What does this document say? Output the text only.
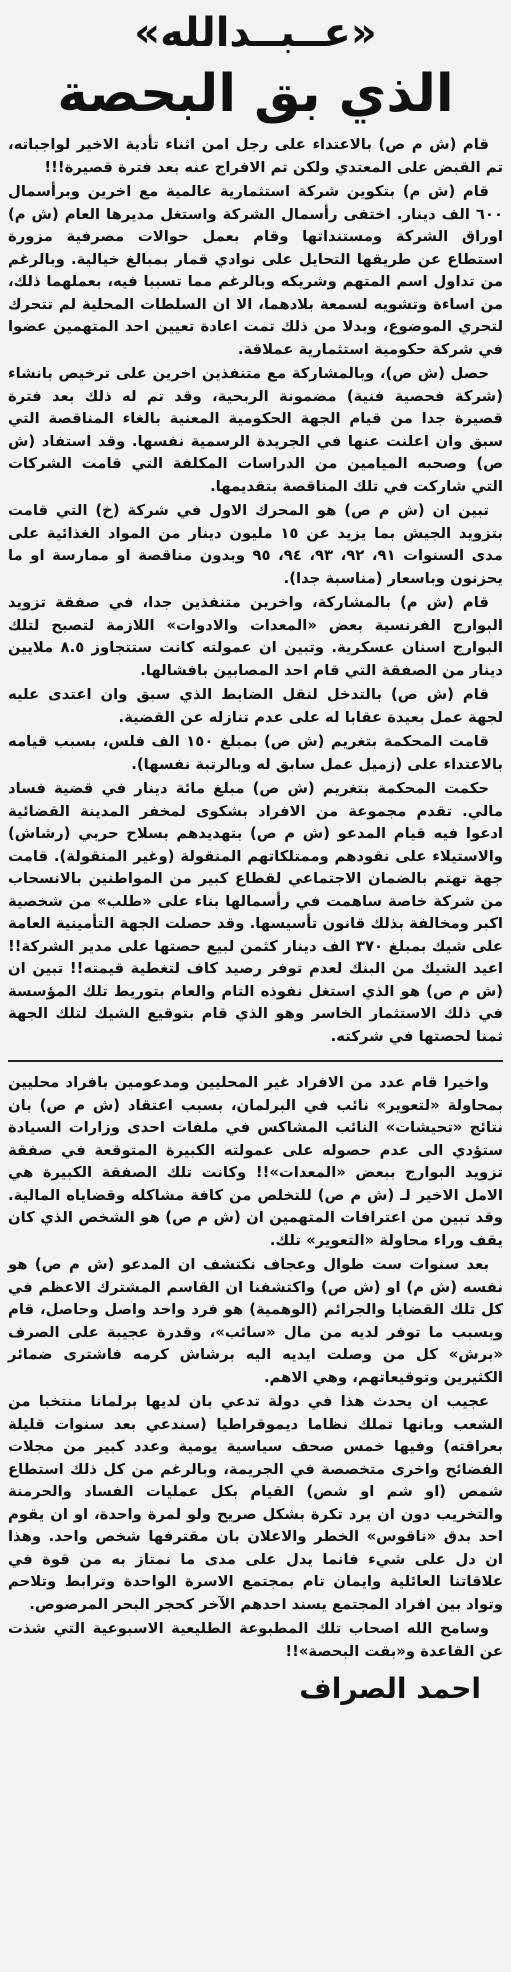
«عــبــدالله»
الذي بق البحصة

قام (ش م ص) بالاعتداء على رجل امن اثناء تأدية الاخير لواجباته، تم القبض على المعتدي ولكن تم الافراج عنه بعد فترة قصيرة!!!

قام (ش م) بتكوين شركة استثمارية عالمية مع اخرين وبرأسمال ٦٠٠ الف دينار. اختفى رأسمال الشركة واستغل مديرها العام (ش م) اوراق الشركة ومستنداتها وقام بعمل حوالات مصرفية مزورة استطاع عن طريقها التحايل على نوادي قمار بمبالغ خيالية. وبالرغم من تداول اسم المتهم وشريكه وبالرغم مما تسببا فيه، بعملهما ذلك، من اساءة وتشويه لسمعة بلادهما، الا ان السلطات المحلية لم تتحرك لتحري الموضوع، وبدلا من ذلك تمت اعادة تعيين احد المتهمين عضوا في شركة حكومية استثمارية عملاقة.

حصل (ش ص)، وبالمشاركة مع متنفذين اخرين على ترخيص بانشاء (شركة فحصية فنية) مضمونة الربحية، وقد تم له ذلك بعد فترة قصيرة جدا من قيام الجهة الحكومية المعنية بالغاء المناقصة التي سبق وان اعلنت عنها في الجريدة الرسمية نفسها. وقد استفاد (ش ص) وصحبه الميامين من الدراسات المكلفة التي قامت الشركات التي شاركت في تلك المناقصة بتقديمها.

تبين ان (ش م ص) هو المحرك الاول في شركة (خ) التي قامت بتزويد الجيش بما يزيد عن ١٥ مليون دينار من المواد الغذائية على مدى السنوات ٩١، ٩٢، ٩٣، ٩٤، ٩٥ وبدون مناقصة او ممارسة او ما يحزنون وباسعار (مناسبة جدا).

قام (ش م) بالمشاركة، واخرين متنفذين جدا، في صفقة تزويد البوارج الفرنسية بعض «المعدات والادوات» اللازمة لتصبح لتلك البوارج اسنان عسكرية. وتبين ان عمولته كانت ستتجاوز ٨.٥ ملايين دينار من الصفقة التي قام احد المصابين بافشالها.

قام (ش ص) بالتدخل لنقل الضابط الذي سبق وان اعتدى عليه لجهة عمل بعيدة عقابا له على عدم تنازله عن القضية.

قامت المحكمة بتغريم (ش ص) بمبلغ ١٥٠ الف فلس، بسبب قيامه بالاعتداء على (زميل عمل سابق له وبالرتبة نفسها).

حكمت المحكمة بتغريم (ش ص) مبلغ مائة دينار في قضية فساد مالي. تقدم مجموعة من الافراد بشكوى لمخفر المدينة القضائية ادعوا فيه قيام المدعو (ش م ص) بتهديدهم بسلاح حربي (رشاش) والاستيلاء على نقودهم وممتلكاتهم المنقولة (وغير المنقولة). قامت جهة تهتم بالضمان الاجتماعي لقطاع كبير من المواطنين بالانسحاب من شركة خاصة ساهمت في رأسمالها بناء على «طلب» من شخصية اكبر ومخالفة بذلك قانون تأسيسها. وقد حصلت الجهة التأمينية العامة على شيك بمبلغ ٣٧٠ الف دينار كثمن لبيع حصتها على مدير الشركة!! اعيد الشيك من البنك لعدم توفر رصيد كاف لتغطية قيمته!! تبين ان (ش م ص) هو الذي استغل نفوذه التام والعام بتوريط تلك المؤسسة في ذلك الاستثمار الخاسر وهو الذي قام بتوقيع الشيك لتلك الجهة ثمنا لحصتها في شركته.

واخيرا قام عدد من الافراد غير المحليين ومدعومين بافراد محليين بمحاولة «لتعوير» نائب في البرلمان، بسبب اعتقاد (ش م ص) بان نتائج «تحيشات» النائب المشاكس في ملفات احدى وزارات السيادة ستؤدي الى عدم حصوله على عمولته الكبيرة المتوقعة في صفقة تزويد البوارج ببعض «المعدات»!! وكانت تلك الصفقة الكبيرة هي الامل الاخير لـ (ش م ص) للتخلص من كافة مشاكله وقضاياه المالية. وقد تبين من اعترافات المتهمين ان (ش م ص) هو الشخص الذي كان يقف وراء محاولة «التعوير» تلك.

بعد سنوات ست طوال وعجاف نكتشف ان المدعو (ش م ص) هو نفسه (ش م) او (ش ص) واكتشفنا ان القاسم المشترك الاعظم في كل تلك القضايا والجرائم (الوهمية) هو فرد واحد واصل وحاصل، قام وبسبب ما توفر لديه من مال «سائب»، وقدرة عجيبة على الصرف «برش» كل من وصلت ايديه اليه برشاش كرمه فاشترى ضمائر الكثيرين وتوقيعاتهم، وهي الاهم.

عجيب ان يحدث هذا في دولة تدعي بان لديها برلمانا منتخبا من الشعب وبانها تملك نظاما ديموقراطيا (سندعي بعد سنوات قليلة بعراقته) وفيها خمس صحف سياسية يومية وعدد كبير من مجلات الفضائح واخرى متخصصة في الجريمة، وبالرغم من كل ذلك استطاع شمص (او شم او شص) القيام بكل عمليات الفساد والحرمنة والتخريب دون ان يرد تكرة بشكل صريح ولو لمرة واحدة، او ان يقوم احد بدق «ناقوس» الخطر والاعلان بان مقترفها شخص واحد. وهذا ان دل على شيء فانما يدل على مدى ما نمتاز به من قوة في علاقاتنا العائلية وايمان تام بمجتمع الاسرة الواحدة وترابط وتلاحم وتواد بين افراد المجتمع يسند احدهم الآخر كحجر البحر المرصوص.

وسامح الله اصحاب تلك المطبوعة الطليعية الاسبوعية التي شذت عن القاعدة و«بقت البحصة»!!

احمد الصراف
